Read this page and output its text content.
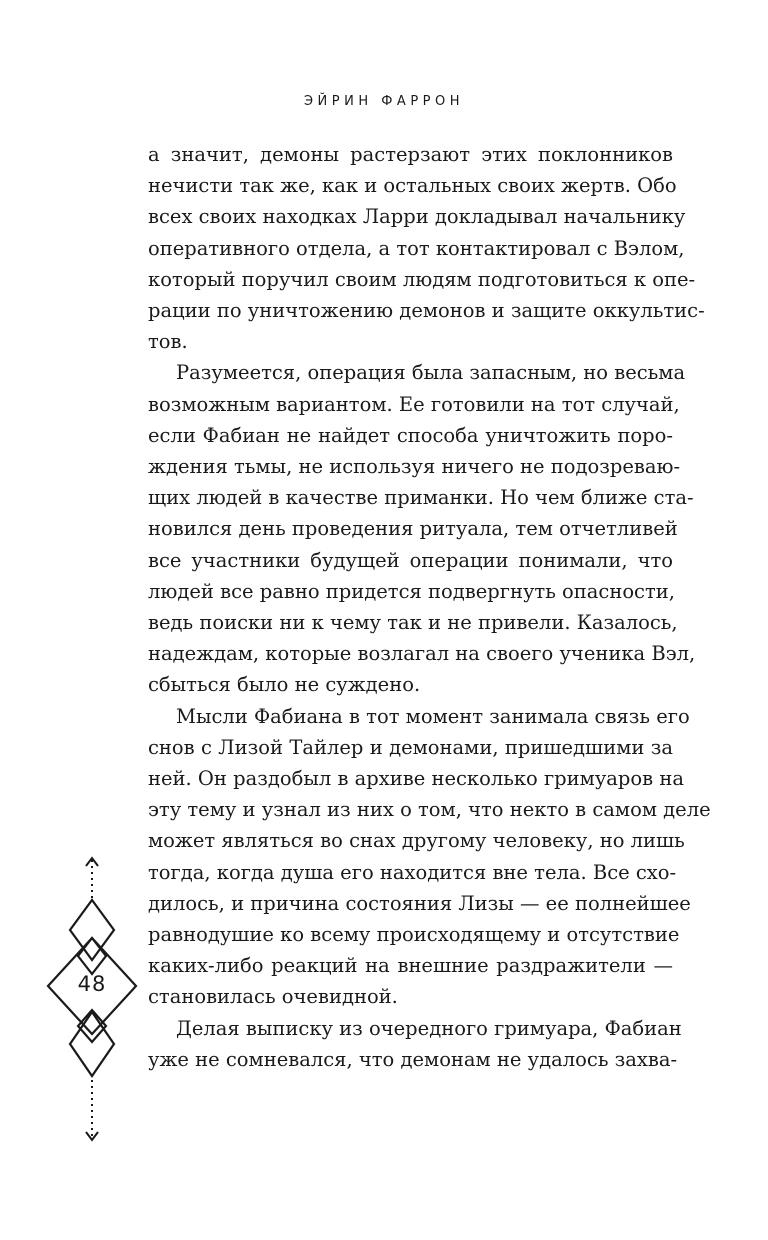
ЭЙРИН ФАРРОН

а значит, демоны растерзают этих поклонников
нечисти так же, как и остальных своих жертв. Обо
всех своих находках Ларри докладывал начальнику
оперативного отдела, а тот контактировал с Вэлом,
который поручил своим людям подготовиться к опе-
рации по уничтожению демонов и защите оккультис-
тов.

Разумеется, операция была запасным, но весьма
возможным вариантом. Ее готовили на тот случай,
если Фабиан не найдет способа уничтожить поро-
ждения тьмы, не используя ничего не подозреваю-
щих людей в качестве приманки. Но чем ближе ста-
новился день проведения ритуала, тем отчетливей
все участники будущей операции понимали, что
людей все равно придется подвергнуть опасности,
ведь поиски ни к чему так и не привели. Казалось,
надеждам, которые возлагал на своего ученика Вэл,
сбыться было не суждено.

Мысли Фабиана в тот момент занимала связь его
снов с Лизой Тайлер и демонами, пришедшими за
ней. Он раздобыл в архиве несколько гримуаров на
эту тему и узнал из них о том, что некто в самом деле
может являться во снах другому человеку, но лишь
тогда, когда душа его находится вне тела. Все схо-
дилось, и причина состояния Лизы — ее полнейшее
равнодушие ко всему происходящему и отсутствие
каких-либо реакций на внешние раздражители —
становилась очевидной.

Делая выписку из очередного гримуара, Фабиан
уже не сомневался, что демонам не удалось захва-

48
